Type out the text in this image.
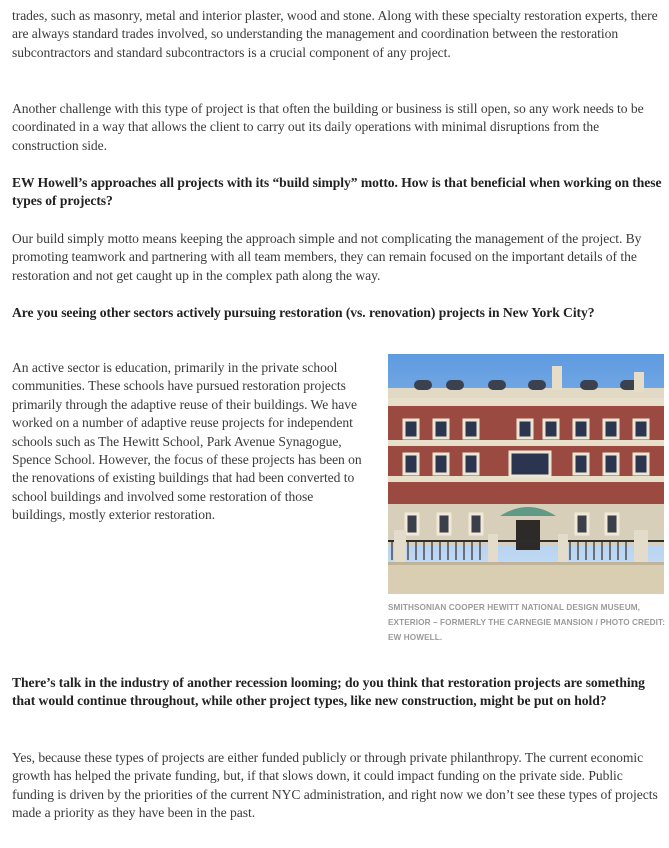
trades, such as masonry, metal and interior plaster, wood and stone. Along with these specialty restoration experts, there are always standard trades involved, so understanding the management and coordination between the restoration subcontractors and standard subcontractors is a crucial component of any project.

Another challenge with this type of project is that often the building or business is still open, so any work needs to be coordinated in a way that allows the client to carry out its daily operations with minimal disruptions from the construction side.

EW Howell’s approaches all projects with its “build simply” motto. How is that beneficial when working on these types of projects?

Our build simply motto means keeping the approach simple and not complicating the management of the project. By promoting teamwork and partnering with all team members, they can remain focused on the important details of the restoration and not get caught up in the complex path along the way.

Are you seeing other sectors actively pursuing restoration (vs. renovation) projects in New York City?

An active sector is education, primarily in the private school communities. These schools have pursued restoration projects primarily through the adaptive reuse of their buildings. We have worked on a number of adaptive reuse projects for independent schools such as The Hewitt School, Park Avenue Synagogue, Spence School. However, the focus of these projects has been on the renovations of existing buildings that had been converted to school buildings and involved some restoration of those buildings, mostly exterior restoration.

SMITHSONIAN COOPER HEWITT NATIONAL DESIGN MUSEUM, EXTERIOR – FORMERLY THE CARNEGIE MANSION / PHOTO CREDIT: EW HOWELL.

There’s talk in the industry of another recession looming; do you think that restoration projects are something that would continue throughout, while other project types, like new construction, might be put on hold?

Yes, because these types of projects are either funded publicly or through private philanthropy. The current economic growth has helped the private funding, but, if that slows down, it could impact funding on the private side. Public funding is driven by the priorities of the current NYC administration, and right now we don’t see these types of projects made a priority as they have been in the past.
